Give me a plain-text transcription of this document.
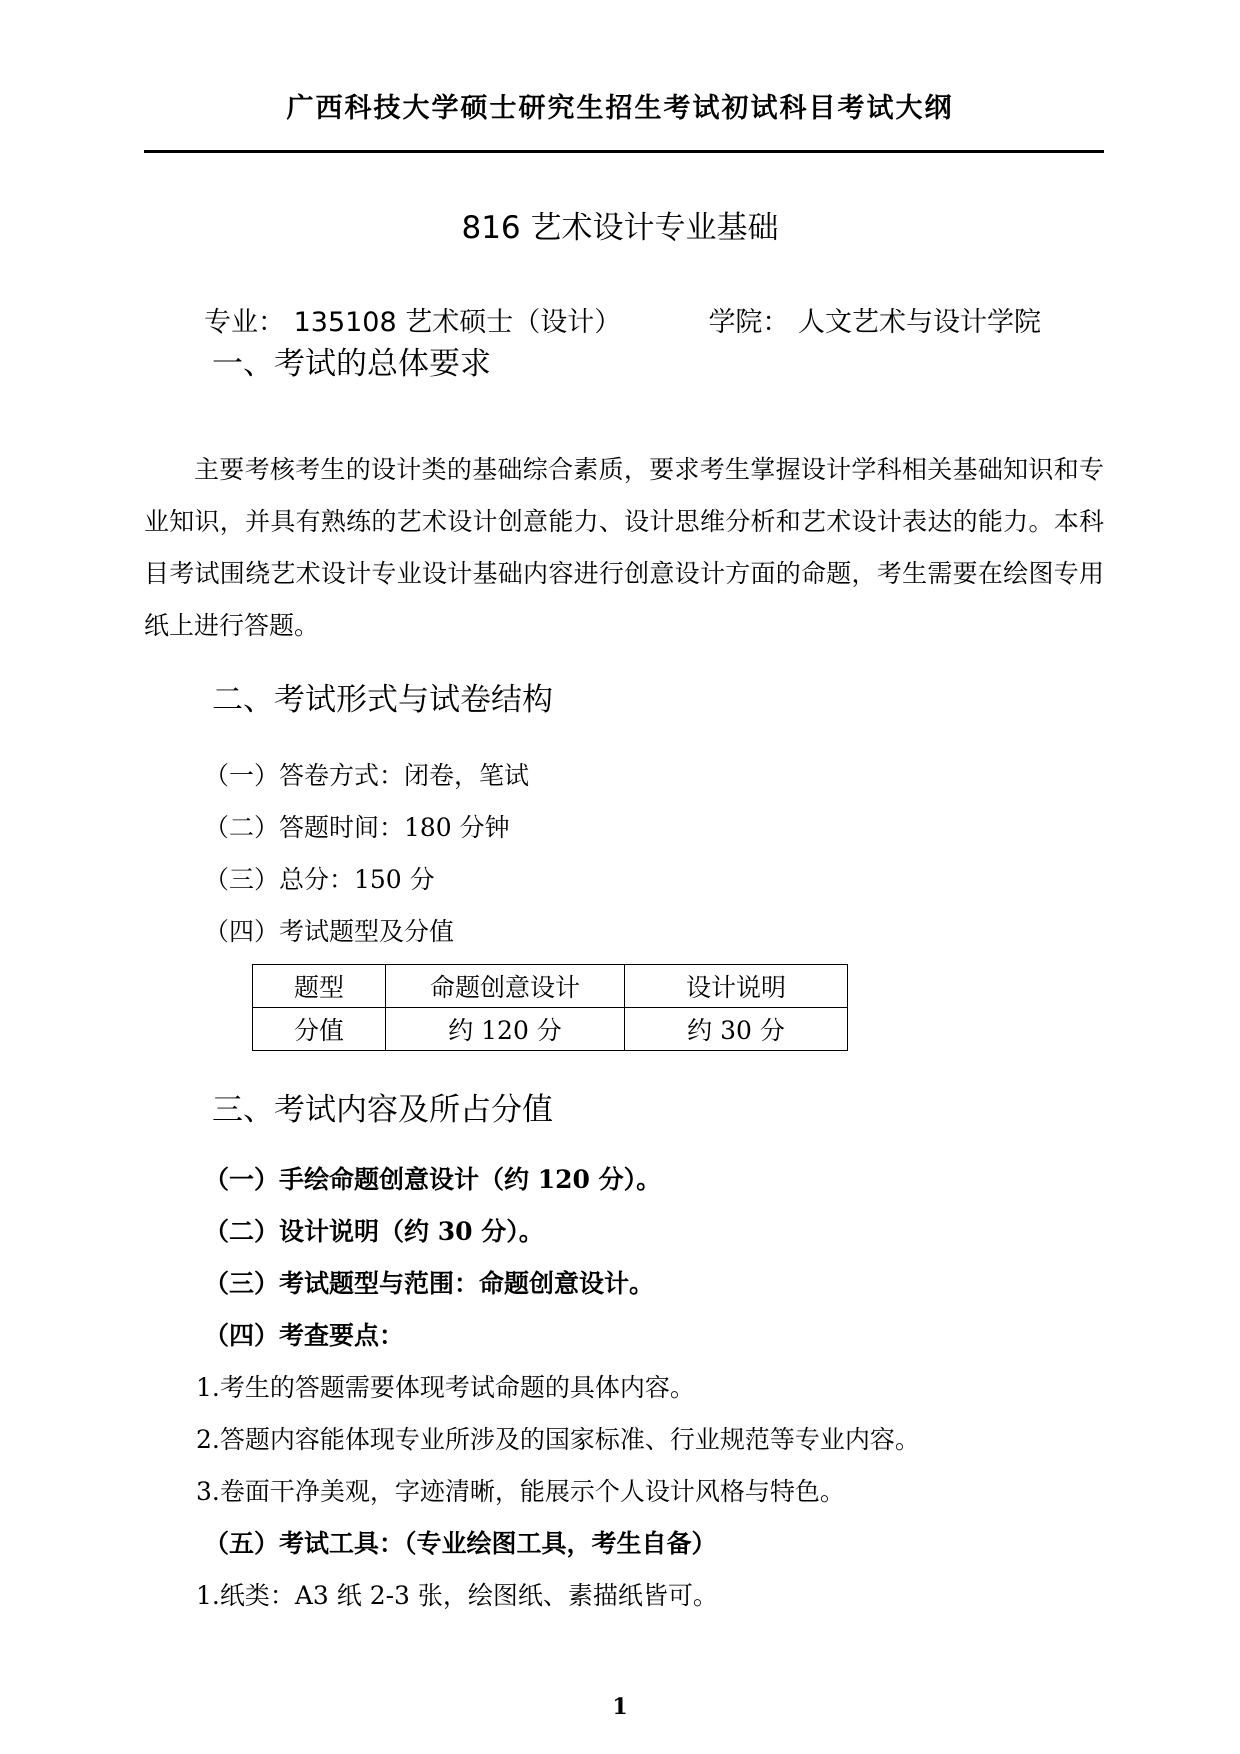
广西科技大学硕士研究生招生考试初试科目考试大纲
816 艺术设计专业基础
专业： 135108 艺术硕士（设计）	学院： 人文艺术与设计学院
一、考试的总体要求
主要考核考生的设计类的基础综合素质，要求考生掌握设计学科相关基础知识和专业知识，并具有熟练的艺术设计创意能力、设计思维分析和艺术设计表达的能力。本科目考试围绕艺术设计专业设计基础内容进行创意设计方面的命题，考生需要在绘图专用纸上进行答题。
二、考试形式与试卷结构
（一）答卷方式：闭卷，笔试
（二）答题时间：180 分钟
（三）总分：150 分
（四）考试题型及分值
题型	命题创意设计	设计说明
分值	约 120 分	约 30 分
三、考试内容及所占分值
（一）手绘命题创意设计（约 120 分）。
（二）设计说明（约 30 分）。
（三）考试题型与范围：命题创意设计。
（四）考查要点：
1.考生的答题需要体现考试命题的具体内容。
2.答题内容能体现专业所涉及的国家标准、行业规范等专业内容。
3.卷面干净美观，字迹清晰，能展示个人设计风格与特色。
（五）考试工具：（专业绘图工具，考生自备）
1.纸类：A3 纸 2-3 张，绘图纸、素描纸皆可。
1
